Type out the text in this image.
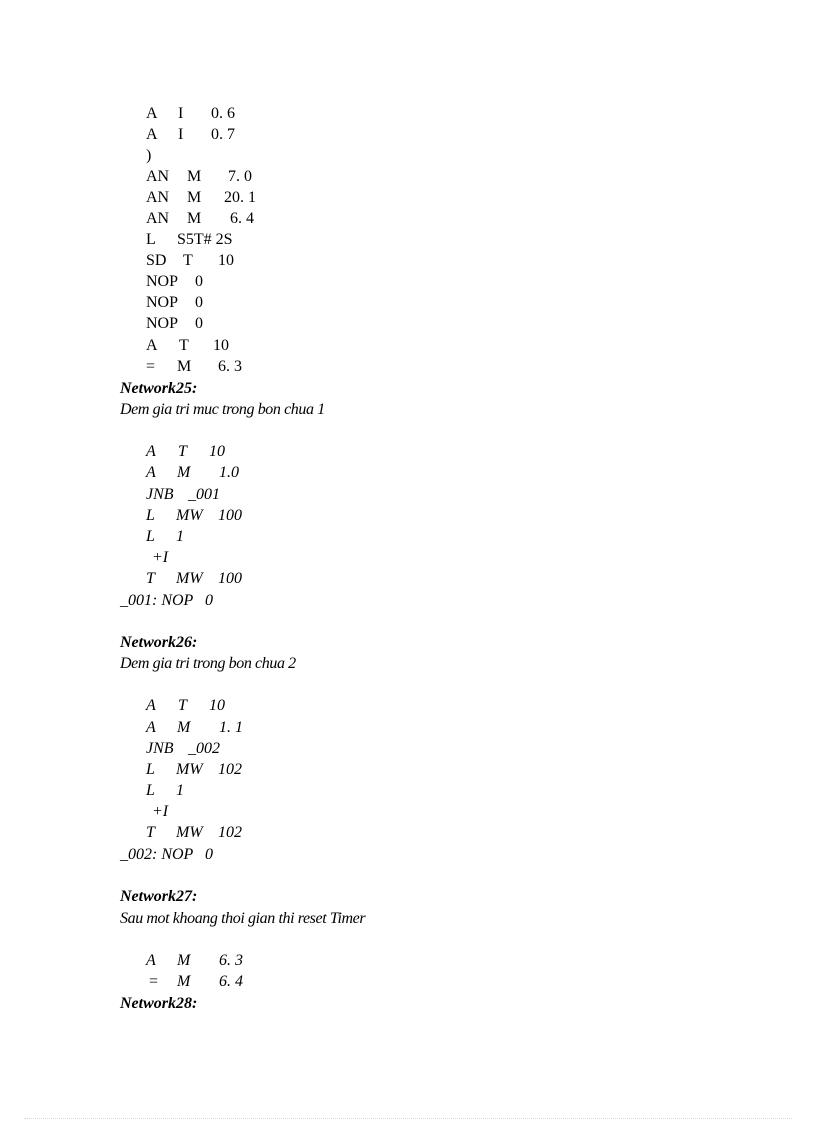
A

I

0. 6

A

I

0. 7

)

AN

M

7. 0

AN

M

20. 1

AN

M

6. 4

L

S5T# 2S

SD

T

10

NOP

0

NOP

0

NOP

0

A

T

10

=

M

6. 3

Network25:
Dem gia tri muc trong bon chua 1

A

T

10

A

M

1.0

JNB

_001

L

MW

100

L

1

+I

T

MW

100

_001: NOP   0
Network26:
Dem gia tri trong bon chua 2

A

T

10

A

M

1. 1

JNB

_002

L

MW

102

L

1

+I

T

MW

102

_002: NOP   0
Network27:
Sau mot khoang thoi gian thi reset Timer

A

M

6. 3

=

M

6. 4

Network28:
